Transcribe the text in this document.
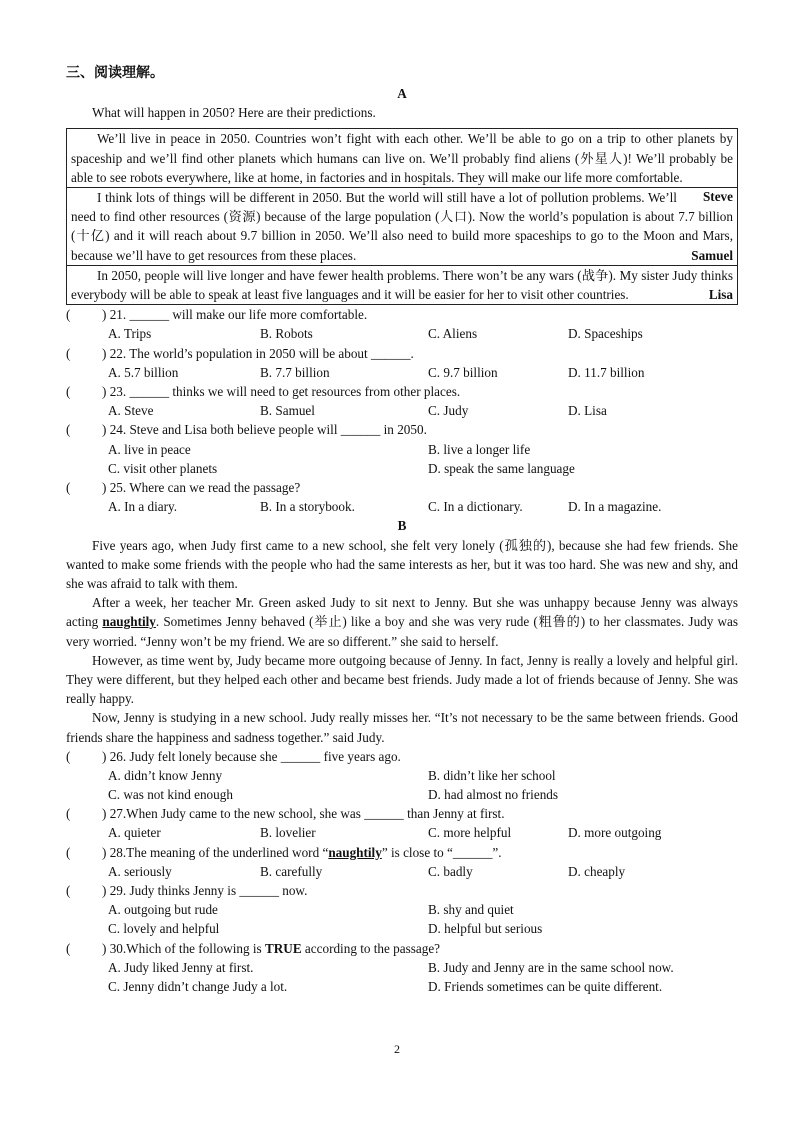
三、阅读理解。
A
What will happen in 2050? Here are their predictions.
We’ll live in peace in 2050. Countries won’t fight with each other. We’ll be able to go on a trip to other planets by spaceship and we’ll find other planets which humans can live on. We’ll probably find aliens (外星人)! We’ll probably be able to see robots everywhere, like at home, in factories and in hospitals. They will make our life more comfortable.
Steve
I think lots of things will be different in 2050. But the world will still have a lot of pollution problems. We’ll need to find other resources (资源) because of the large population (人口). Now the world’s population is about 7.7 billion (十亿) and it will reach about 9.7 billion in 2050. We’ll also need to build more spaceships to go to the Moon and Mars, because we’ll have to get resources from these places.	Samuel
In 2050, people will live longer and have fewer health problems. There won’t be any wars (战争). My sister Judy thinks everybody will be able to speak at least five languages and it will be easier for her to visit other countries.	Lisa
( ) 21. ______ will make our life more comfortable.
A. Trips	B. Robots	C. Aliens	D. Spaceships
( ) 22. The world’s population in 2050 will be about ______.
A. 5.7 billion	B. 7.7 billion	C. 9.7 billion	D. 11.7 billion
( ) 23. ______ thinks we will need to get resources from other places.
A. Steve	B. Samuel	C. Judy	D. Lisa
( ) 24. Steve and Lisa both believe people will ______ in 2050.
A. live in peace	B. live a longer life
C. visit other planets	D. speak the same language
( ) 25. Where can we read the passage?
A. In a diary.	B. In a storybook.	C. In a dictionary.	D. In a magazine.
B
Five years ago, when Judy first came to a new school, she felt very lonely (孤独的), because she had few friends. She wanted to make some friends with the people who had the same interests as her, but it was too hard. She was new and shy, and she was afraid to talk with them.
After a week, her teacher Mr. Green asked Judy to sit next to Jenny. But she was unhappy because Jenny was always acting naughtily. Sometimes Jenny behaved (举止) like a boy and she was very rude (粗鲁的) to her classmates. Judy was very worried. “Jenny won’t be my friend. We are so different.” she said to herself.
However, as time went by, Judy became more outgoing because of Jenny. In fact, Jenny is really a lovely and helpful girl. They were different, but they helped each other and became best friends. Judy made a lot of friends because of Jenny. She was really happy.
Now, Jenny is studying in a new school. Judy really misses her. “It’s not necessary to be the same between friends. Good friends share the happiness and sadness together.” said Judy.
( ) 26. Judy felt lonely because she ______ five years ago.
A. didn’t know Jenny	B. didn’t like her school
C. was not kind enough	D. had almost no friends
( ) 27.When Judy came to the new school, she was ______ than Jenny at first.
A. quieter	B. lovelier	C. more helpful	D. more outgoing
( ) 28.The meaning of the underlined word “naughtily” is close to “______”.
A. seriously	B. carefully	C. badly	D. cheaply
( ) 29. Judy thinks Jenny is ______ now.
A. outgoing but rude	B. shy and quiet
C. lovely and helpful	D. helpful but serious
( ) 30.Which of the following is TRUE according to the passage?
A. Judy liked Jenny at first.	B. Judy and Jenny are in the same school now.
C. Jenny didn’t change Judy a lot.	D. Friends sometimes can be quite different.
2
